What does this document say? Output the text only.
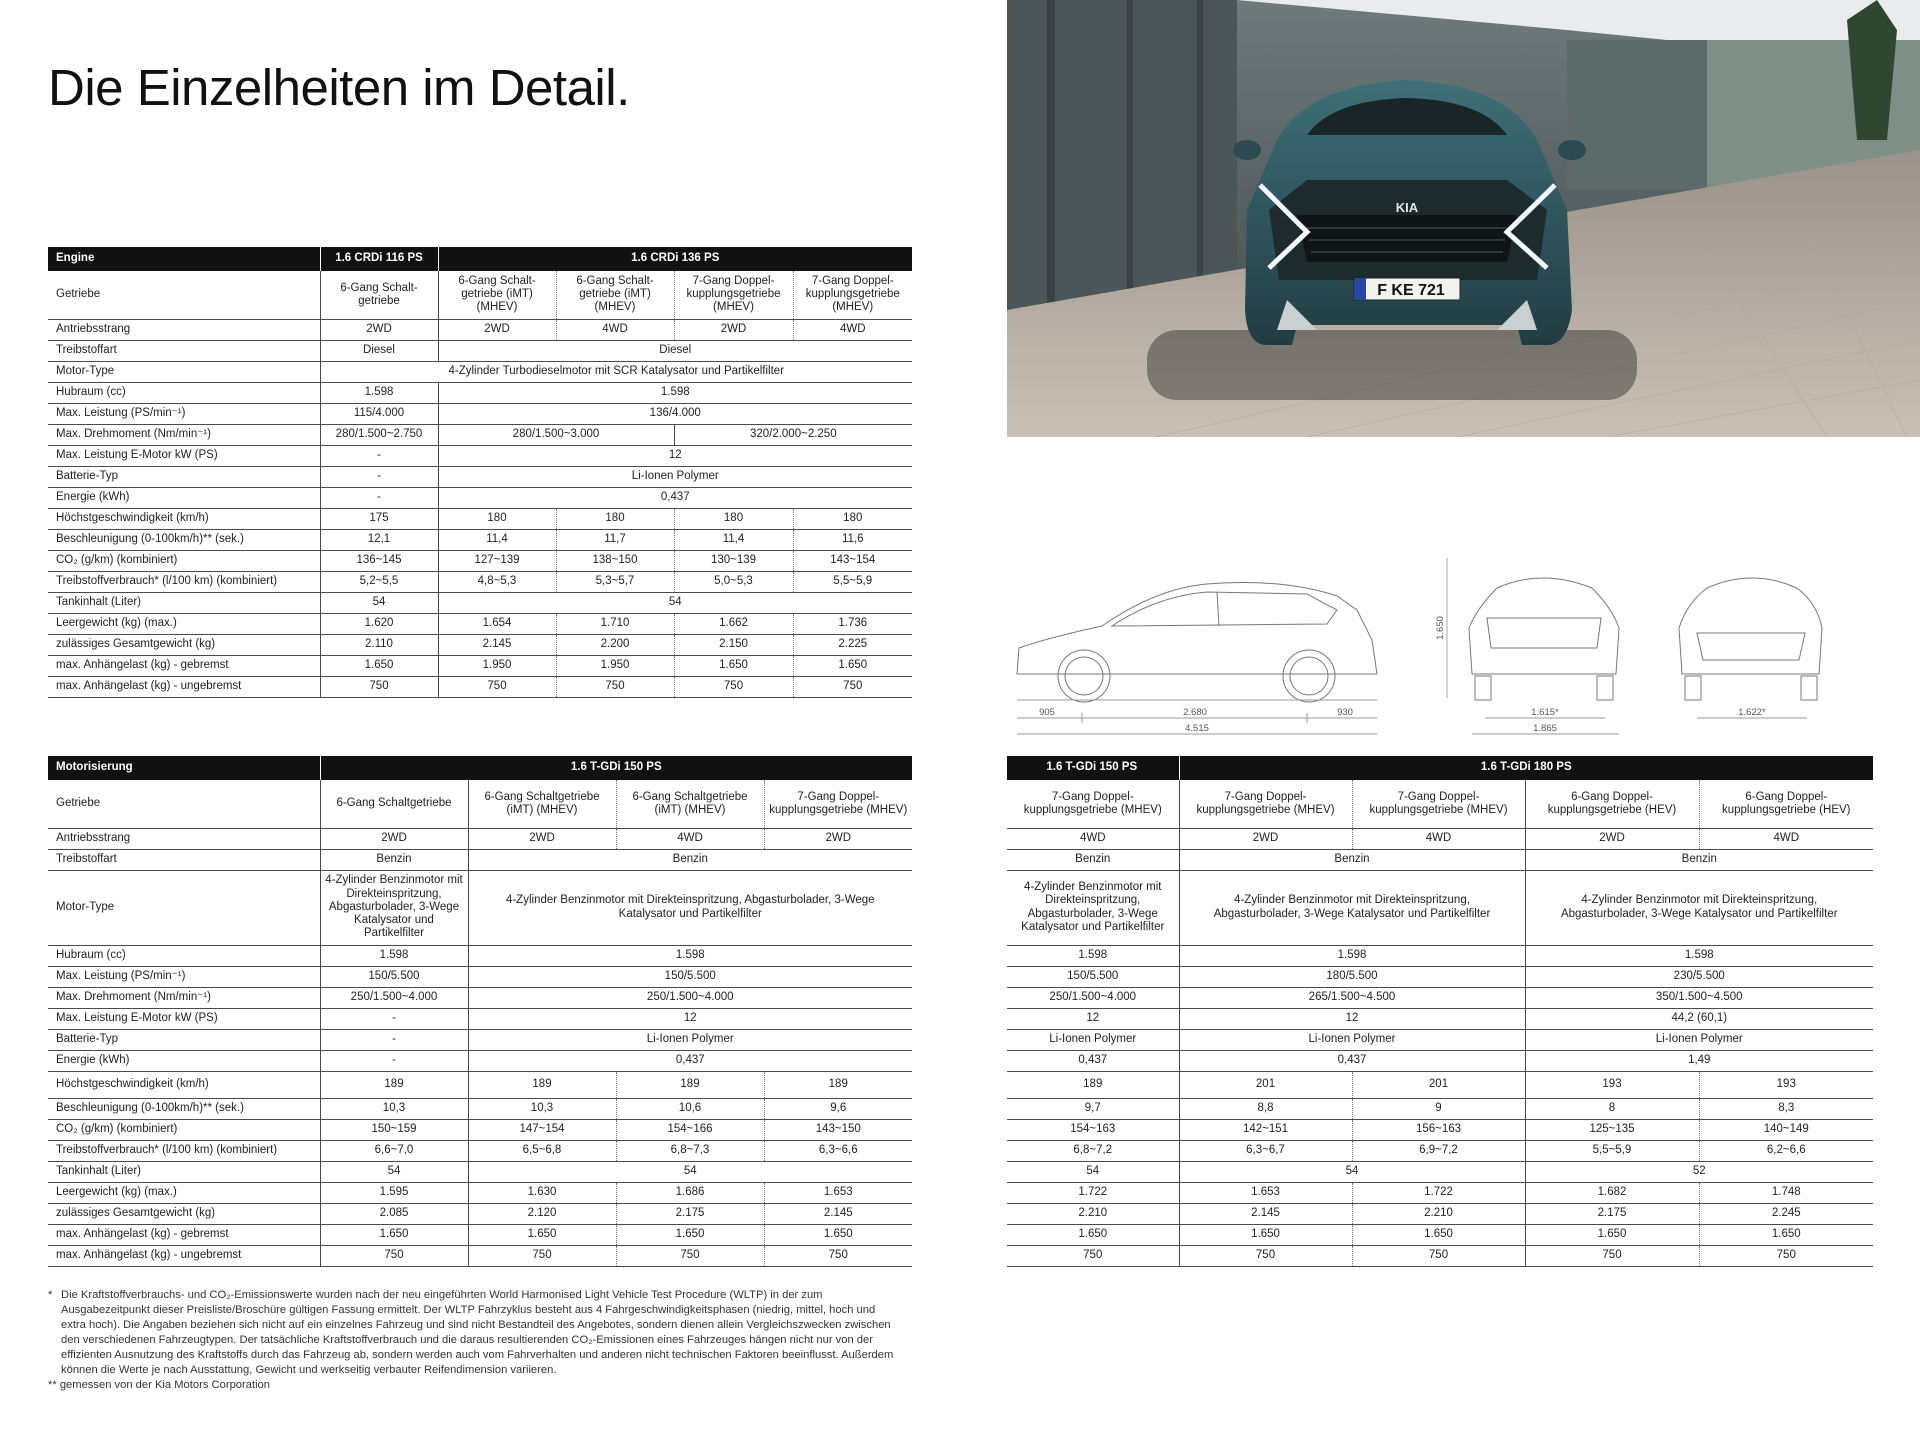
Die Einzelheiten im Detail.
KIA
F KE 721
905	2.680	930
4.515
1.650
1.615*
1.865
1.622*
Engine	1.6 CRDi 116 PS	1.6 CRDi 136 PS			
Getriebe	6-Gang Schalt-getriebe	6-Gang Schalt-getriebe (iMT) (MHEV)	6-Gang Schalt-getriebe (iMT) (MHEV)	7-Gang Doppel-kupplungsgetriebe (MHEV)	7-Gang Doppel-kupplungsgetriebe (MHEV)
Antriebsstrang	2WD	2WD	4WD	2WD	4WD
Treibstoffart	Diesel	Diesel			
Motor-Type	4-Zylinder Turbodieselmotor mit SCR Katalysator und Partikelfilter				
Hubraum (cc)	1.598	1.598			
Max. Leistung (PS/min⁻¹)	115/4.000	136/4.000			
Max. Drehmoment (Nm/min⁻¹)	280/1.500~2.750	280/1.500~3.000		320/2.000~2.250	
Max. Leistung E-Motor kW (PS)	-	12			
Batterie-Typ	-	Li-Ionen Polymer			
Energie (kWh)	-	0,437			
Höchstgeschwindigkeit (km/h)	175	180	180	180	180
Beschleunigung (0-100km/h)** (sek.)	12,1	11,4	11,7	11,4	11,6
CO₂ (g/km) (kombiniert)	136~145	127~139	138~150	130~139	143~154
Treibstoffverbrauch* (l/100 km) (kombiniert)	5,2~5,5	4,8~5,3	5,3~5,7	5,0~5,3	5,5~5,9
Tankinhalt (Liter)	54	54			
Leergewicht (kg) (max.)	1.620	1.654	1.710	1.662	1.736
zulässiges Gesamtgewicht (kg)	2.110	2.145	2.200	2.150	2.225
max. Anhängelast (kg) - gebremst	1.650	1.950	1.950	1.650	1.650
max. Anhängelast (kg) - ungebremst	750	750	750	750	750
Motorisierung	1.6 T-GDi 150 PS			
Getriebe	6-Gang Schaltgetriebe	6-Gang Schaltgetriebe (iMT) (MHEV)	6-Gang Schaltgetriebe (iMT) (MHEV)	7-Gang Doppel-kupplungsgetriebe (MHEV)
Antriebsstrang	2WD	2WD	4WD	2WD
Treibstoffart	Benzin	Benzin		
Motor-Type	4-Zylinder Benzinmotor mit Direkteinspritzung, Abgasturbolader, 3-Wege Katalysator und Partikelfilter	4-Zylinder Benzinmotor mit Direkteinspritzung, Abgasturbolader, 3-Wege Katalysator und Partikelfilter		
Hubraum (cc)	1.598	1.598		
Max. Leistung (PS/min⁻¹)	150/5.500	150/5.500		
Max. Drehmoment (Nm/min⁻¹)	250/1.500~4.000	250/1.500~4.000		
Max. Leistung E-Motor kW (PS)	-	12		
Batterie-Typ	-	Li-Ionen Polymer		
Energie (kWh)	-	0,437		
Höchstgeschwindigkeit (km/h)	189	189	189	189
Beschleunigung (0-100km/h)** (sek.)	10,3	10,3	10,6	9,6
CO₂ (g/km) (kombiniert)	150~159	147~154	154~166	143~150
Treibstoffverbrauch* (l/100 km) (kombiniert)	6,6~7,0	6,5~6,8	6,8~7,3	6,3~6,6
Tankinhalt (Liter)	54	54		
Leergewicht (kg) (max.)	1.595	1.630	1.686	1.653
zulässiges Gesamtgewicht (kg)	2.085	2.120	2.175	2.145
max. Anhängelast (kg) - gebremst	1.650	1.650	1.650	1.650
max. Anhängelast (kg) - ungebremst	750	750	750	750
1.6 T-GDi 150 PS	1.6 T-GDi 180 PS			
7-Gang Doppel-kupplungsgetriebe (MHEV)	7-Gang Doppel-kupplungsgetriebe (MHEV)	7-Gang Doppel-kupplungsgetriebe (MHEV)	6-Gang Doppel-kupplungsgetriebe (HEV)	6-Gang Doppel-kupplungsgetriebe (HEV)
4WD	2WD	4WD	2WD	4WD
Benzin	Benzin		Benzin	
4-Zylinder Benzinmotor mit Direkteinspritzung, Abgasturbolader, 3-Wege Katalysator und Partikelfilter	4-Zylinder Benzinmotor mit Direkteinspritzung, Abgasturbolader, 3-Wege Katalysator und Partikelfilter		4-Zylinder Benzinmotor mit Direkteinspritzung, Abgasturbolader, 3-Wege Katalysator und Partikelfilter	
1.598	1.598		1.598	
150/5.500	180/5.500		230/5.500	
250/1.500~4.000	265/1.500~4.500		350/1.500~4.500	
12	12		44,2 (60,1)	
Li-Ionen Polymer	Li-Ionen Polymer		Li-Ionen Polymer	
0,437	0,437		1,49	
189	201	201	193	193
9,7	8,8	9	8	8,3
154~163	142~151	156~163	125~135	140~149
6,8~7,2	6,3~6,7	6,9~7,2	5,5~5,9	6,2~6,6
54	54		52	
1.722	1.653	1.722	1.682	1.748
2.210	2.145	2.210	2.175	2.245
1.650	1.650	1.650	1.650	1.650
750	750	750	750	750
* Die Kraftstoffverbrauchs- und CO₂-Emissionswerte wurden nach der neu eingeführten World Harmonised Light Vehicle Test Procedure (WLTP) in der zum Ausgabezeitpunkt dieser Preisliste/Broschüre gültigen Fassung ermittelt. Der WLTP Fahrzyklus besteht aus 4 Fahrgeschwindigkeitsphasen (niedrig, mittel, hoch und extra hoch). Die Angaben beziehen sich nicht auf ein einzelnes Fahrzeug und sind nicht Bestandteil des Angebotes, sondern dienen allein Vergleichszwecken zwischen den verschiedenen Fahrzeugtypen. Der tatsächliche Kraftstoffverbrauch und die daraus resultierenden CO₂-Emissionen eines Fahrzeuges hängen nicht nur von der effizienten Ausnutzung des Kraftstoffs durch das Fahrzeug ab, sondern werden auch vom Fahrverhalten und anderen nicht technischen Faktoren beeinflusst. Außerdem können die Werte je nach Ausstattung, Gewicht und werkseitig verbauter Reifendimension variieren.

** gemessen von der Kia Motors Corporation
